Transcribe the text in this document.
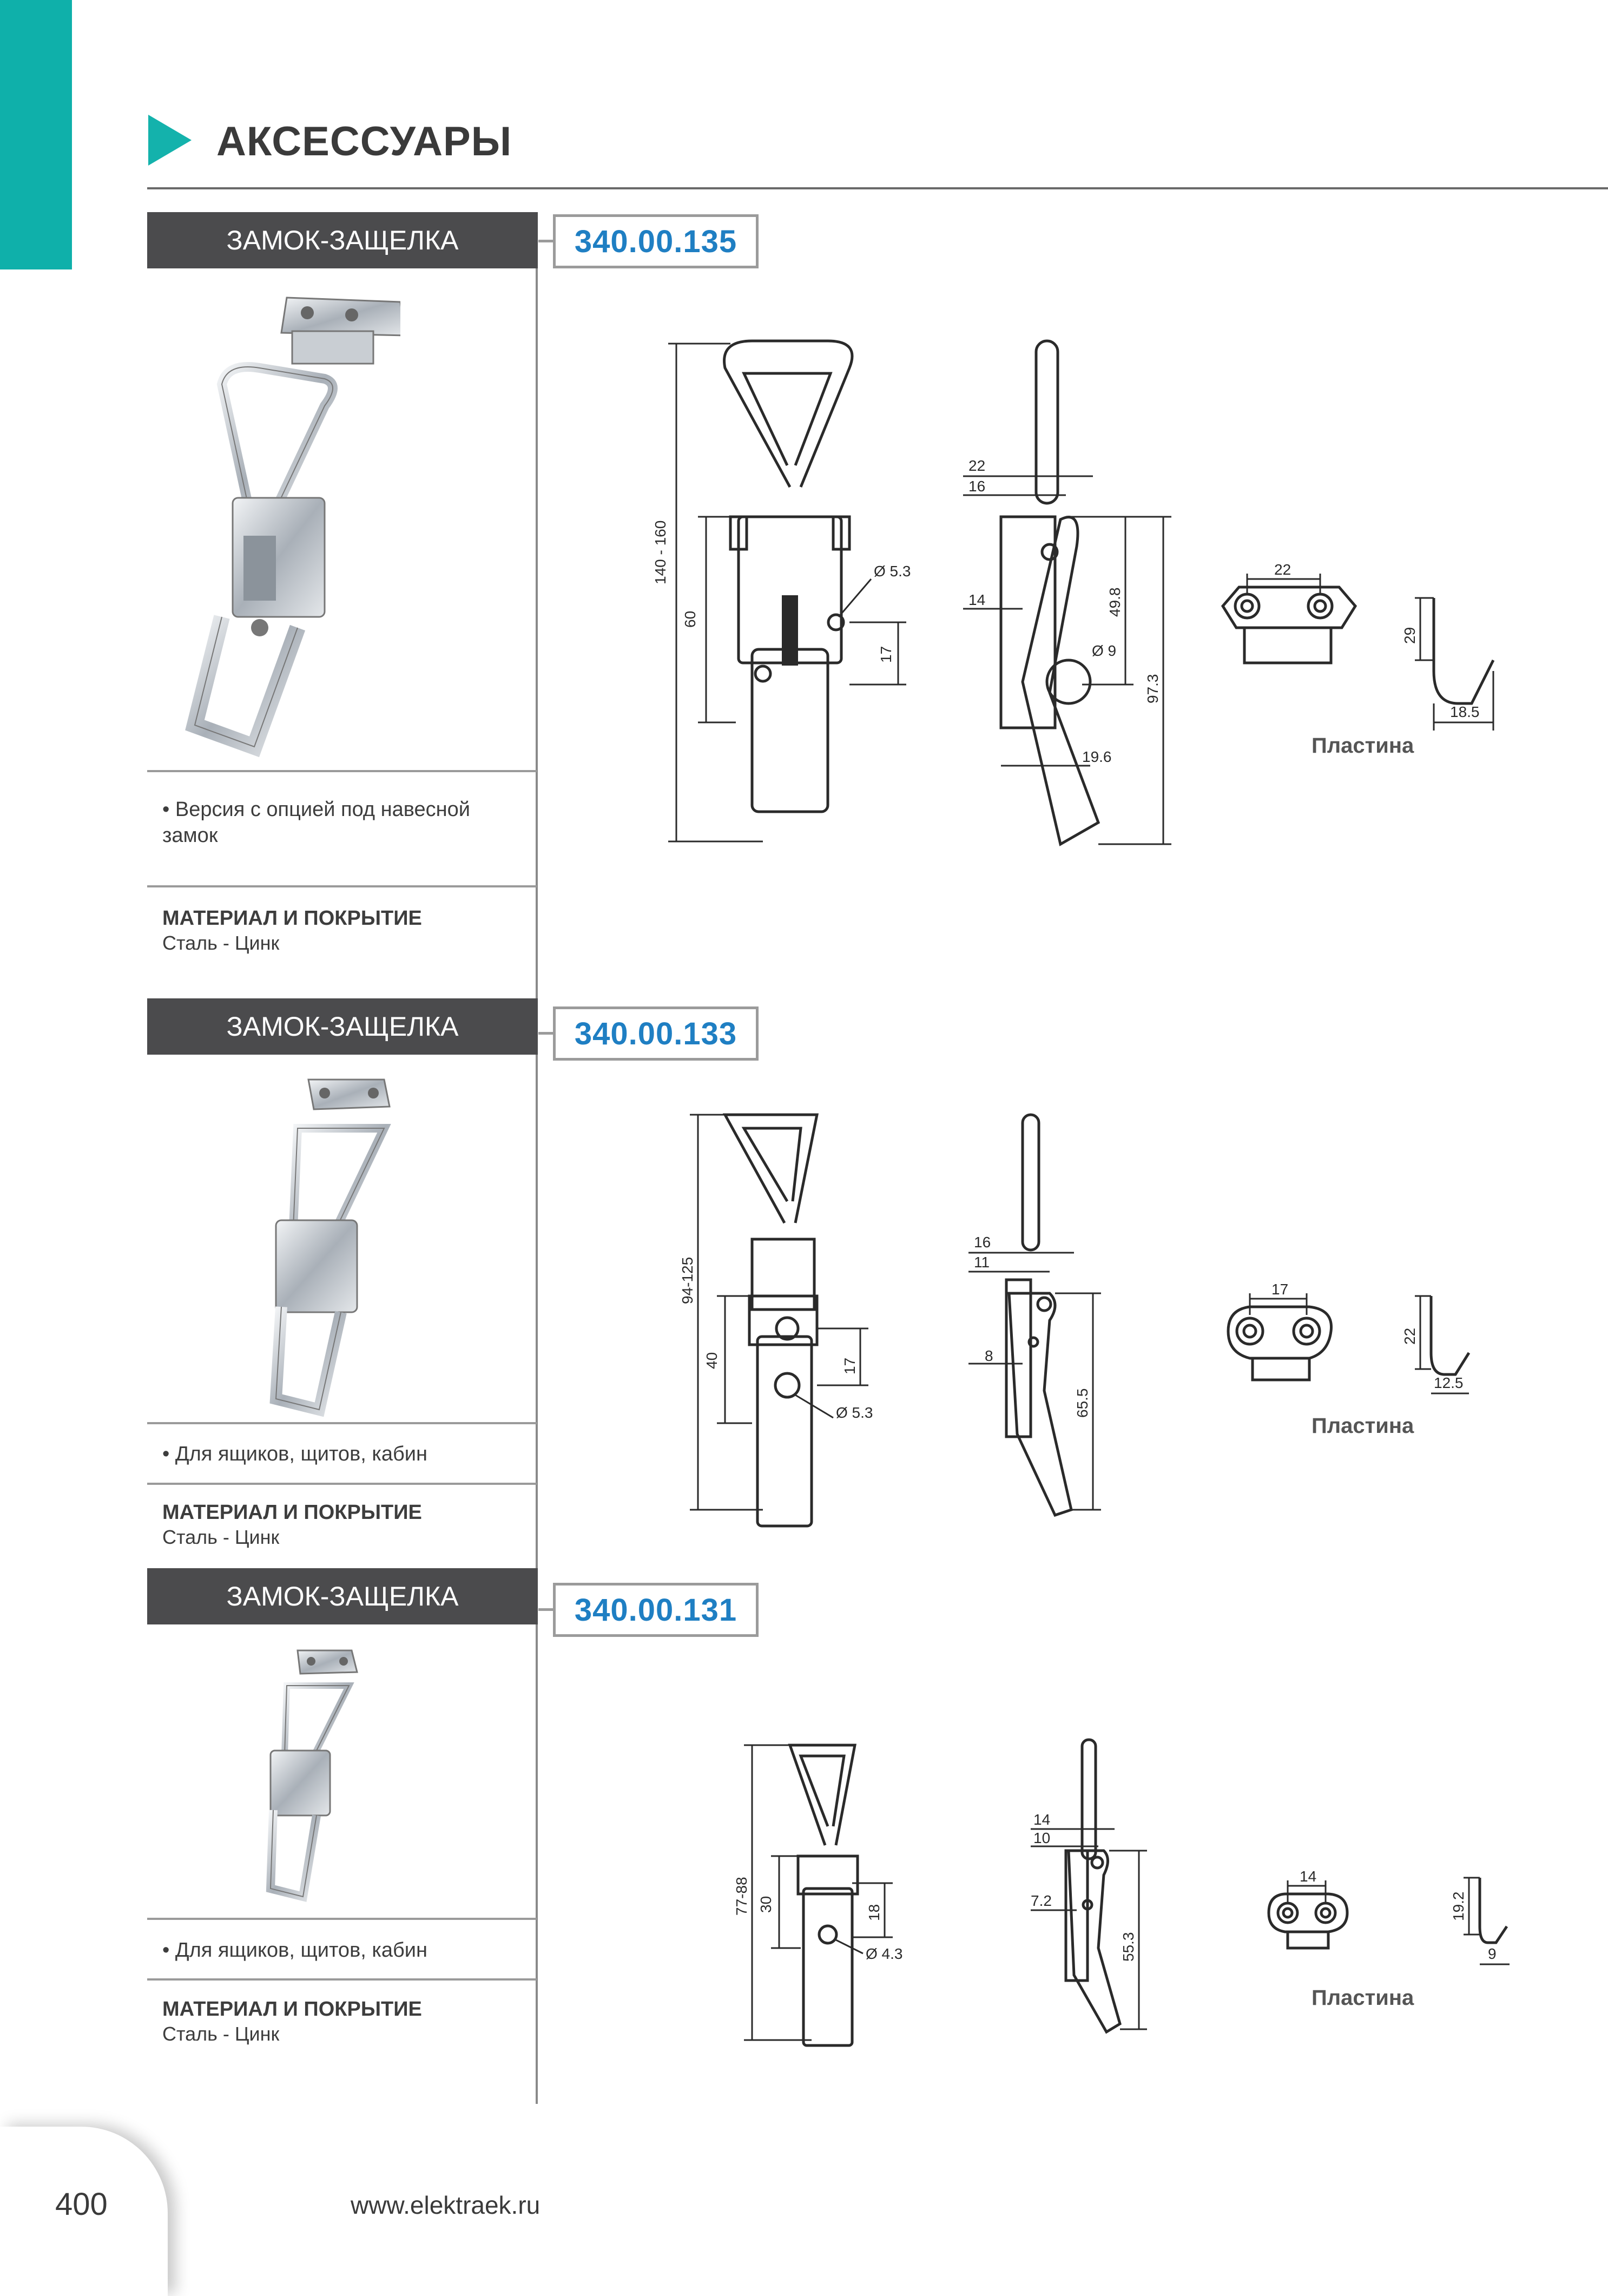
АКСЕССУАРЫ
ЗАМОК-ЗАЩЕЛКА	340.00.135
• Версия с опцией под навесной замок
МАТЕРИАЛ И ПОКРЫТИЕ
Сталь - Цинк
140 - 160
60
Ø 5.3
17
22
16
14	49.8
97.3
Ø 9
19.6
22
29
18.5
Пластина
ЗАМОК-ЗАЩЕЛКА	340.00.133
• Для ящиков, щитов, кабин
МАТЕРИАЛ И ПОКРЫТИЕ
Сталь - Цинк
94-125
40
Ø 5.3
17
16
11
8
65.5
17
22
12.5
Пластина
ЗАМОК-ЗАЩЕЛКА	340.00.131
• Для ящиков, щитов, кабин
МАТЕРИАЛ И ПОКРЫТИЕ
Сталь - Цинк
77-88 30
Ø 4.3
18
14
10
7.2
55.3
14
19.2
9
Пластина
400	www.elektraek.ru
